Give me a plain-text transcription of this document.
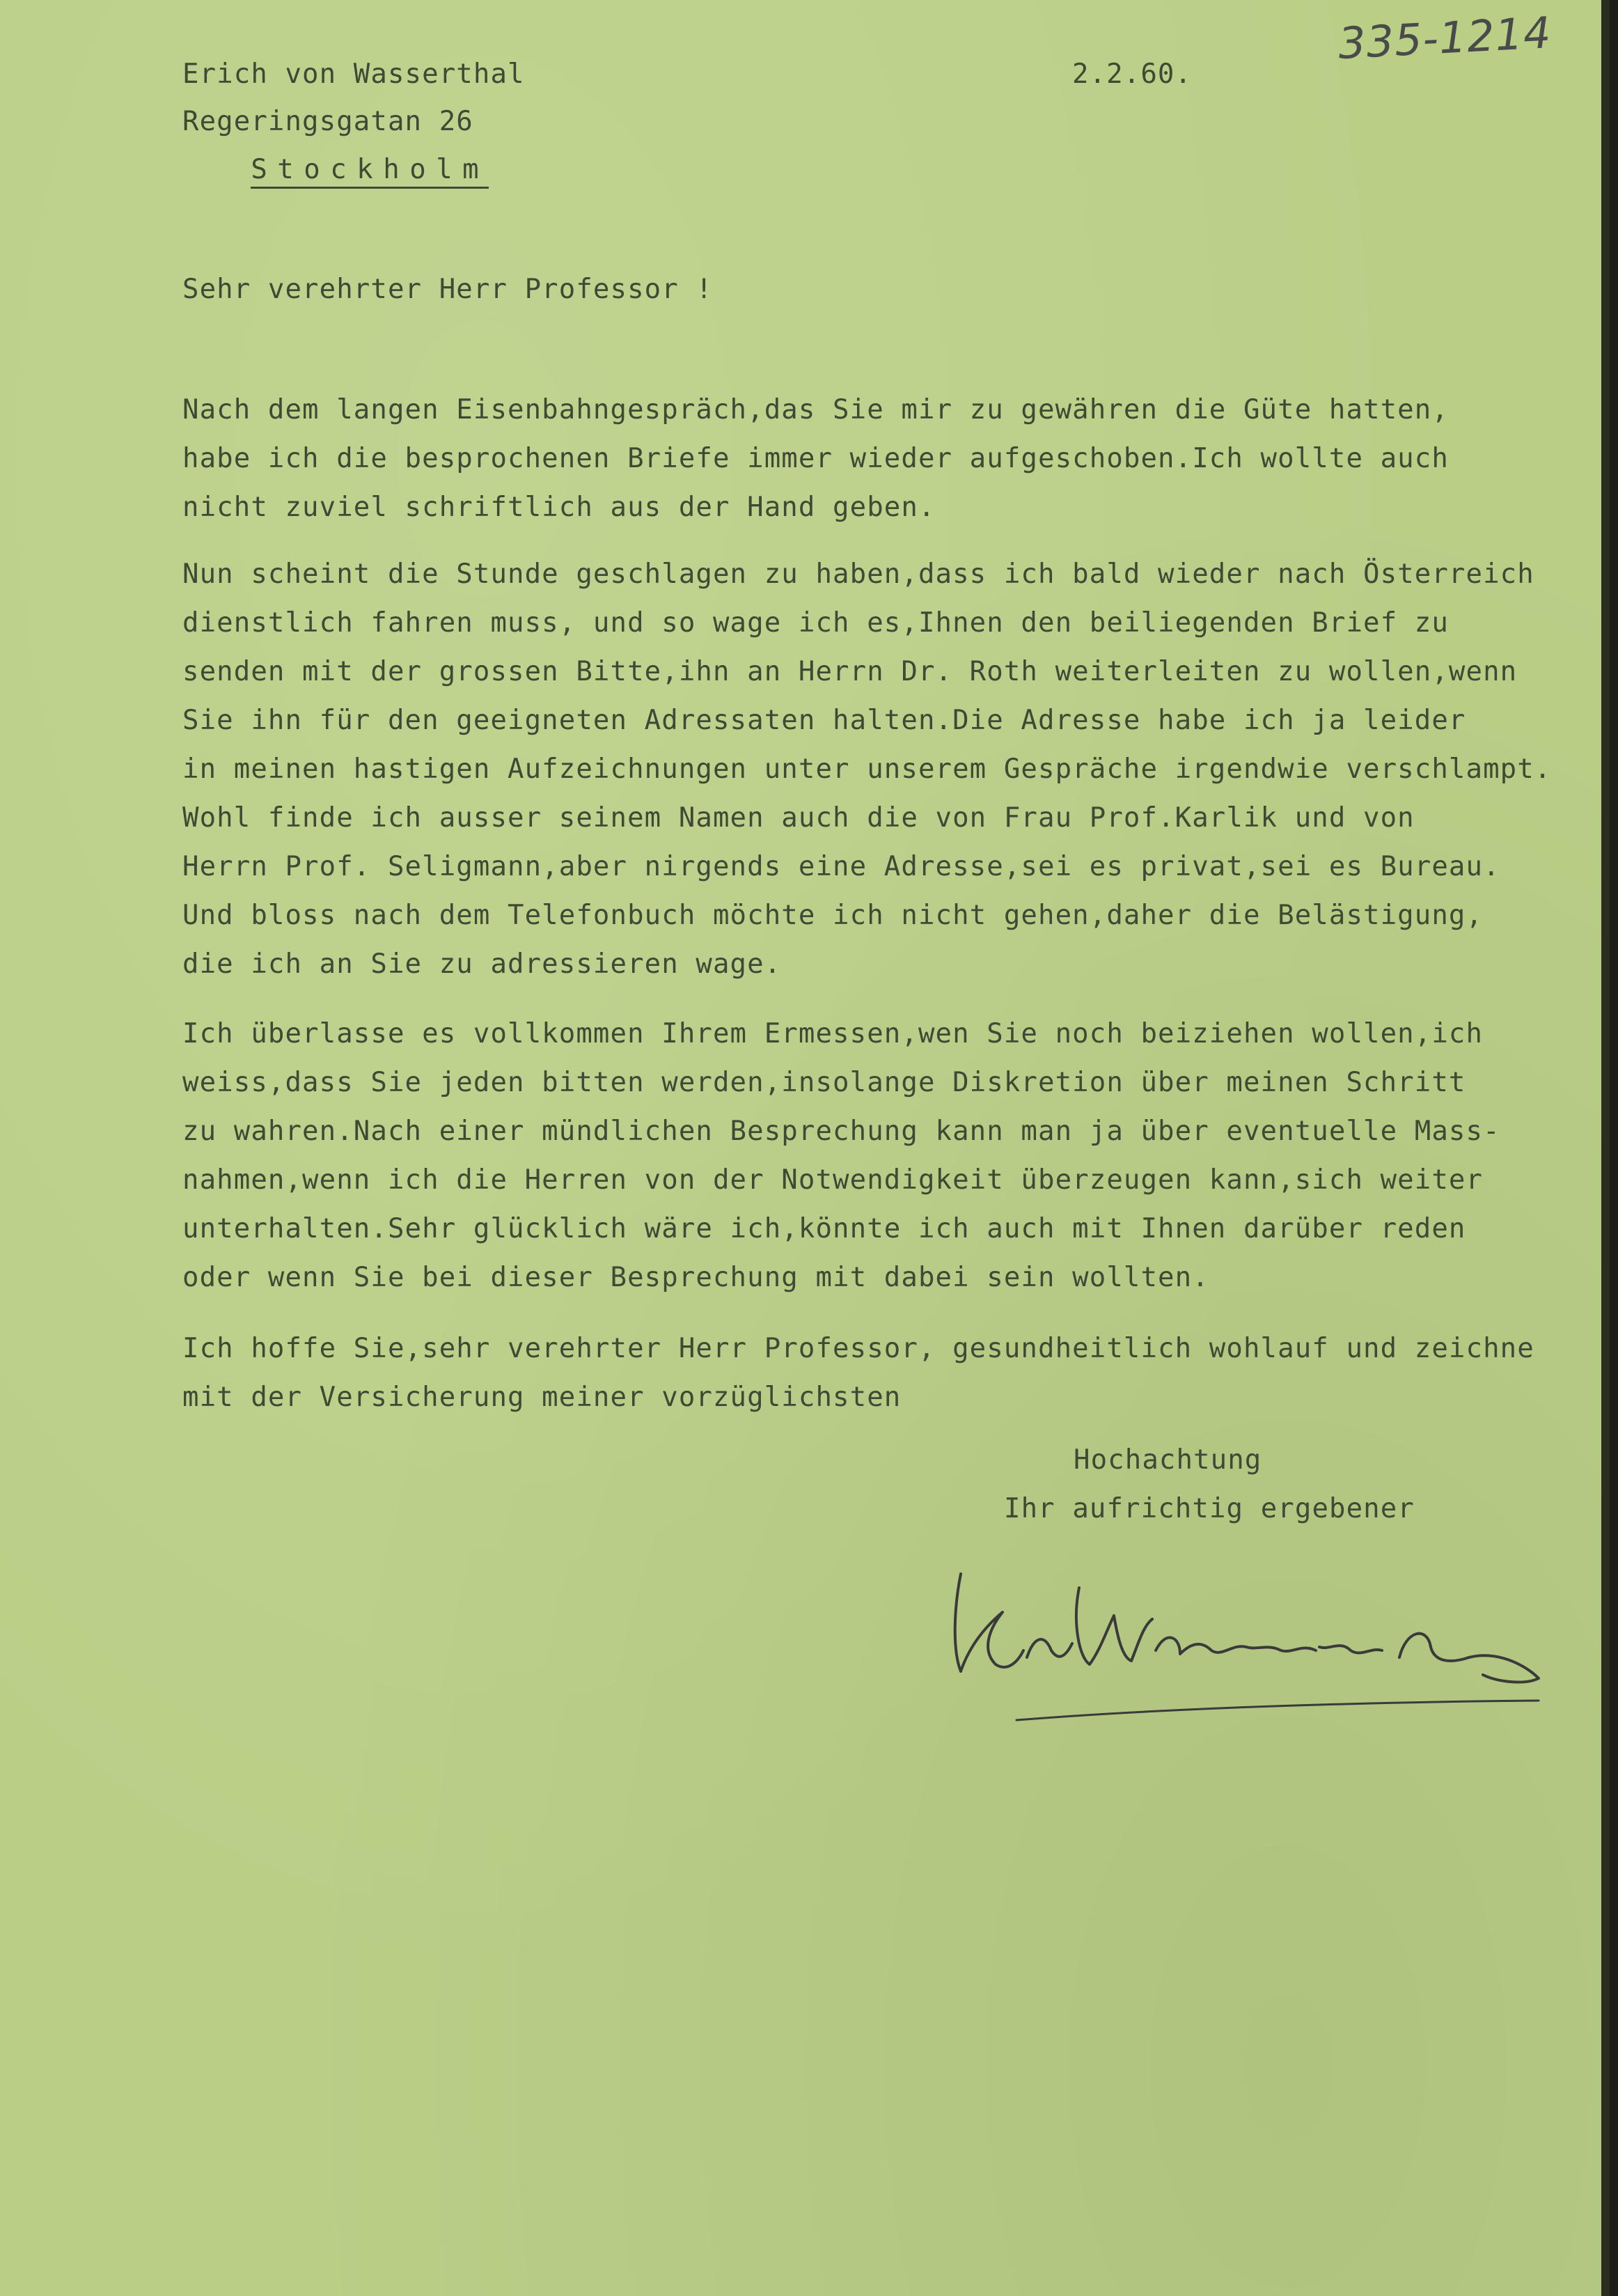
335-1214
Erich von Wasserthal
Regeringsgatan 26

Stockholm

2.2.60.
Sehr verehrter Herr Professor !
Nach dem langen Eisenbahngespräch,das Sie mir zu gewähren die Güte hatten,
habe ich die besprochenen Briefe immer wieder aufgeschoben.Ich wollte auch
nicht zuviel schriftlich aus der Hand geben.
Nun scheint die Stunde geschlagen zu haben,dass ich bald wieder nach Österreich
dienstlich fahren muss, und so wage ich es,Ihnen den beiliegenden Brief zu
senden mit der grossen Bitte,ihn an Herrn Dr. Roth weiterleiten zu wollen,wenn
Sie ihn für den geeigneten Adressaten halten.Die Adresse habe ich ja leider
in meinen hastigen Aufzeichnungen unter unserem Gespräche irgendwie verschlampt.
Wohl finde ich ausser seinem Namen auch die von Frau Prof.Karlik und von
Herrn Prof. Seligmann,aber nirgends eine Adresse,sei es privat,sei es Bureau.
Und bloss nach dem Telefonbuch möchte ich nicht gehen,daher die Belästigung,
die ich an Sie zu adressieren wage.
Ich überlasse es vollkommen Ihrem Ermessen,wen Sie noch beiziehen wollen,ich
weiss,dass Sie jeden bitten werden,insolange Diskretion über meinen Schritt
zu wahren.Nach einer mündlichen Besprechung kann man ja über eventuelle Mass-
nahmen,wenn ich die Herren von der Notwendigkeit überzeugen kann,sich weiter
unterhalten.Sehr glücklich wäre ich,könnte ich auch mit Ihnen darüber reden
oder wenn Sie bei dieser Besprechung mit dabei sein wollten.
Ich hoffe Sie,sehr verehrter Herr Professor, gesundheitlich wohlauf und zeichne
mit der Versicherung meiner vorzüglichsten
Hochachtung
Ihr aufrichtig ergebener
